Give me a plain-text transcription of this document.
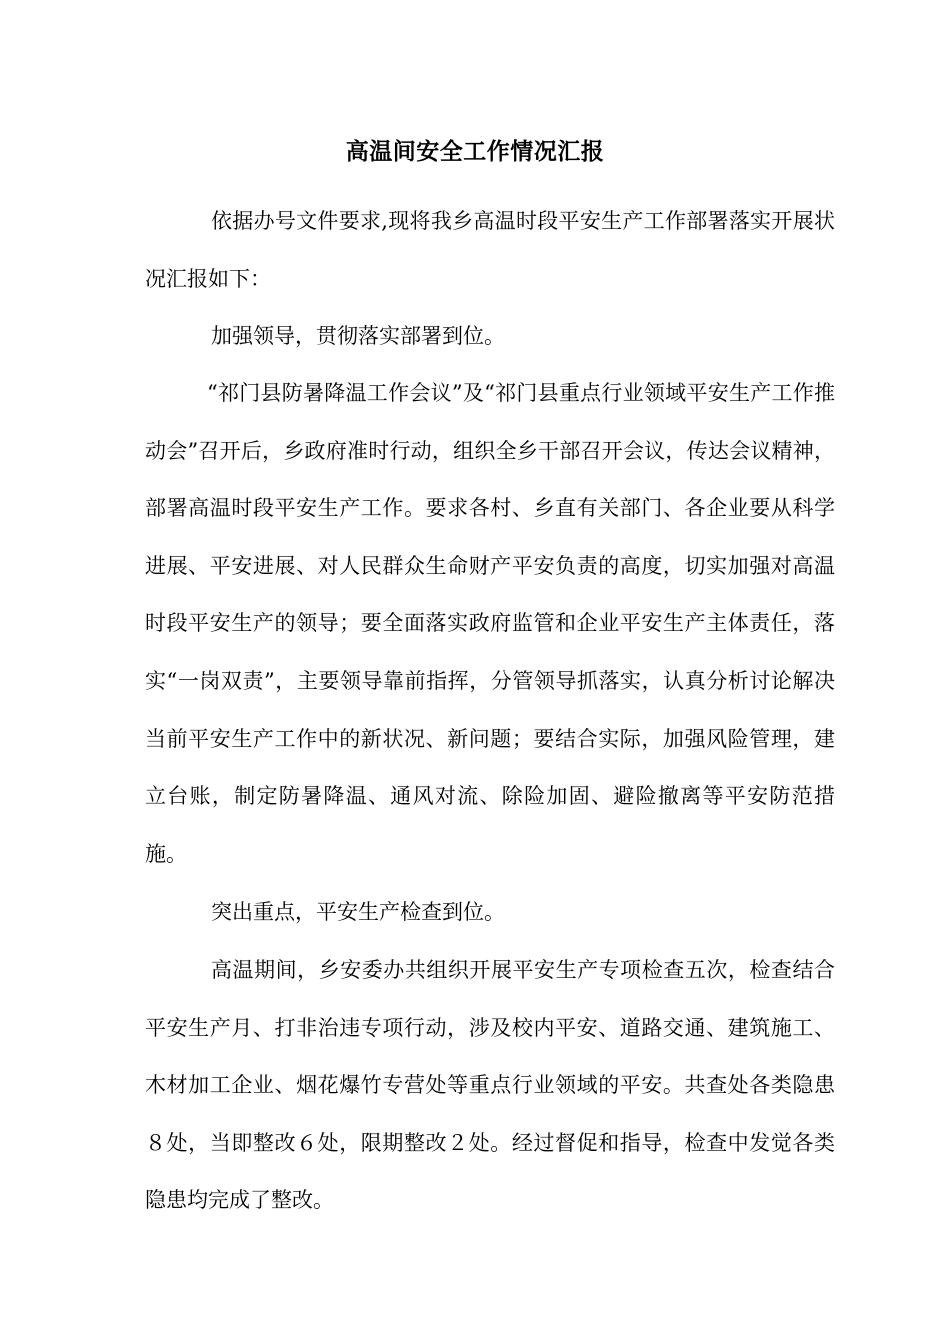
高温间安全工作情况汇报

依据办号文件要求,现将我乡高温时段平安生产工作部署落实开展状况汇报如下：

加强领导，贯彻落实部署到位。

“祁门县防暑降温工作会议”及“祁门县重点行业领域平安生产工作推动会”召开后，乡政府准时行动，组织全乡干部召开会议，传达会议精神，部署高温时段平安生产工作。要求各村、乡直有关部门、各企业要从科学进展、平安进展、对人民群众生命财产平安负责的高度，切实加强对高温时段平安生产的领导；要全面落实政府监管和企业平安生产主体责任，落实“一岗双责”，主要领导靠前指挥，分管领导抓落实，认真分析讨论解决当前平安生产工作中的新状况、新问题；要结合实际，加强风险管理，建立台账，制定防暑降温、通风对流、除险加固、避险撤离等平安防范措施。

突出重点，平安生产检查到位。

高温期间，乡安委办共组织开展平安生产专项检查五次，检查结合平安生产月、打非治违专项行动，涉及校内平安、道路交通、建筑施工、木材加工企业、烟花爆竹专营处等重点行业领域的平安。共查处各类隐患８处，当即整改６处，限期整改２处。经过督促和指导，检查中发觉各类隐患均完成了整改。
